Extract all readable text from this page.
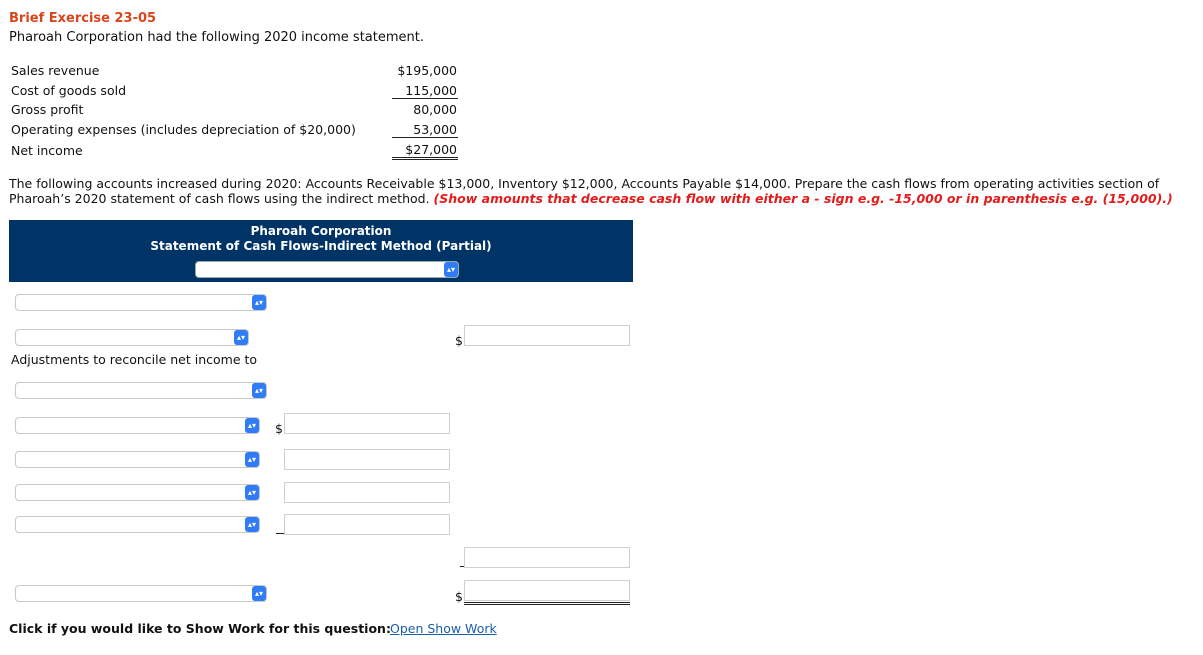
Brief Exercise 23-05
Pharoah Corporation had the following 2020 income statement.
Sales revenue	$195,000
Cost of goods sold	115,000
Gross profit	80,000
Operating expenses (includes depreciation of $20,000)	53,000
Net income	$27,000
The following accounts increased during 2020: Accounts Receivable $13,000, Inventory $12,000, Accounts Payable $14,000. Prepare the cash flows from operating activities section of Pharoah’s 2020 statement of cash flows using the indirect method. (Show amounts that decrease cash flow with either a - sign e.g. -15,000 or in parenthesis e.g. (15,000).)
Pharoah Corporation
Statement of Cash Flows-Indirect Method (Partial)
▴▾
▴▾
▴▾	$
Adjustments to reconcile net income to
▴▾
▴▾ $
▴▾
▴▾
▴▾
▴▾	$
Click if you would like to Show Work for this question: Open Show Work
